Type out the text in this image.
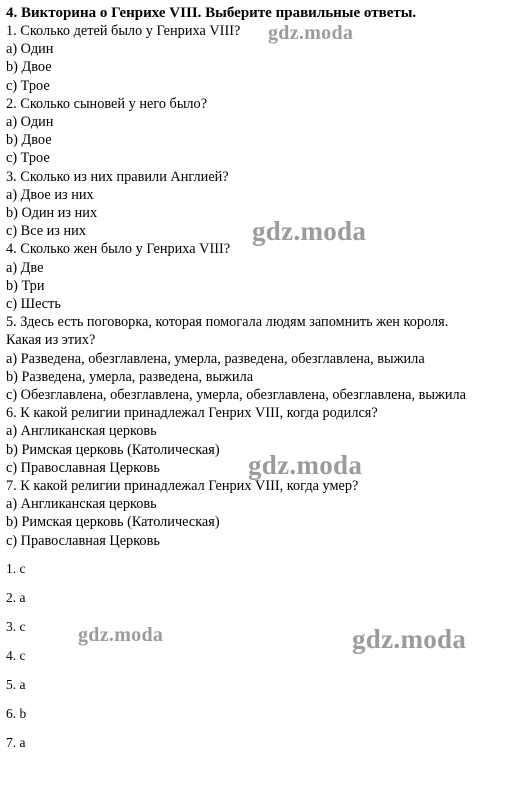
4. Викторина о Генрихе VIII. Выберите правильные ответы.
1. Сколько детей было у Генриха VIII?
a) Один
b) Двое
c) Трое
2. Сколько сыновей у него было?
a) Один
b) Двое
c) Трое
3. Сколько из них правили Англией?
a) Двое из них
b) Один из них
c) Все из них
4. Сколько жен было у Генриха VIII?
a) Две
b) Три
c) Шесть
5. Здесь есть поговорка, которая помогала людям запомнить жен короля.
Какая из этих?
a) Разведена, обезглавлена, умерла, разведена, обезглавлена, выжила
b) Разведена, умерла, разведена, выжила
c) Обезглавлена, обезглавлена, умерла, обезглавлена, обезглавлена, выжила
6. К какой религии принадлежал Генрих VIII, когда родился?
a) Англиканская церковь
b) Римская церковь (Католическая)
c) Православная Церковь
7. К какой религии принадлежал Генрих VIII, когда умер?
a) Англиканская церковь
b) Римская церковь (Католическая)
c) Православная Церковь
1. c
2. a
3. c
4. c
5. a
6. b
7. a
gdz.moda
gdz.moda
gdz.moda
gdz.moda	gdz.moda
